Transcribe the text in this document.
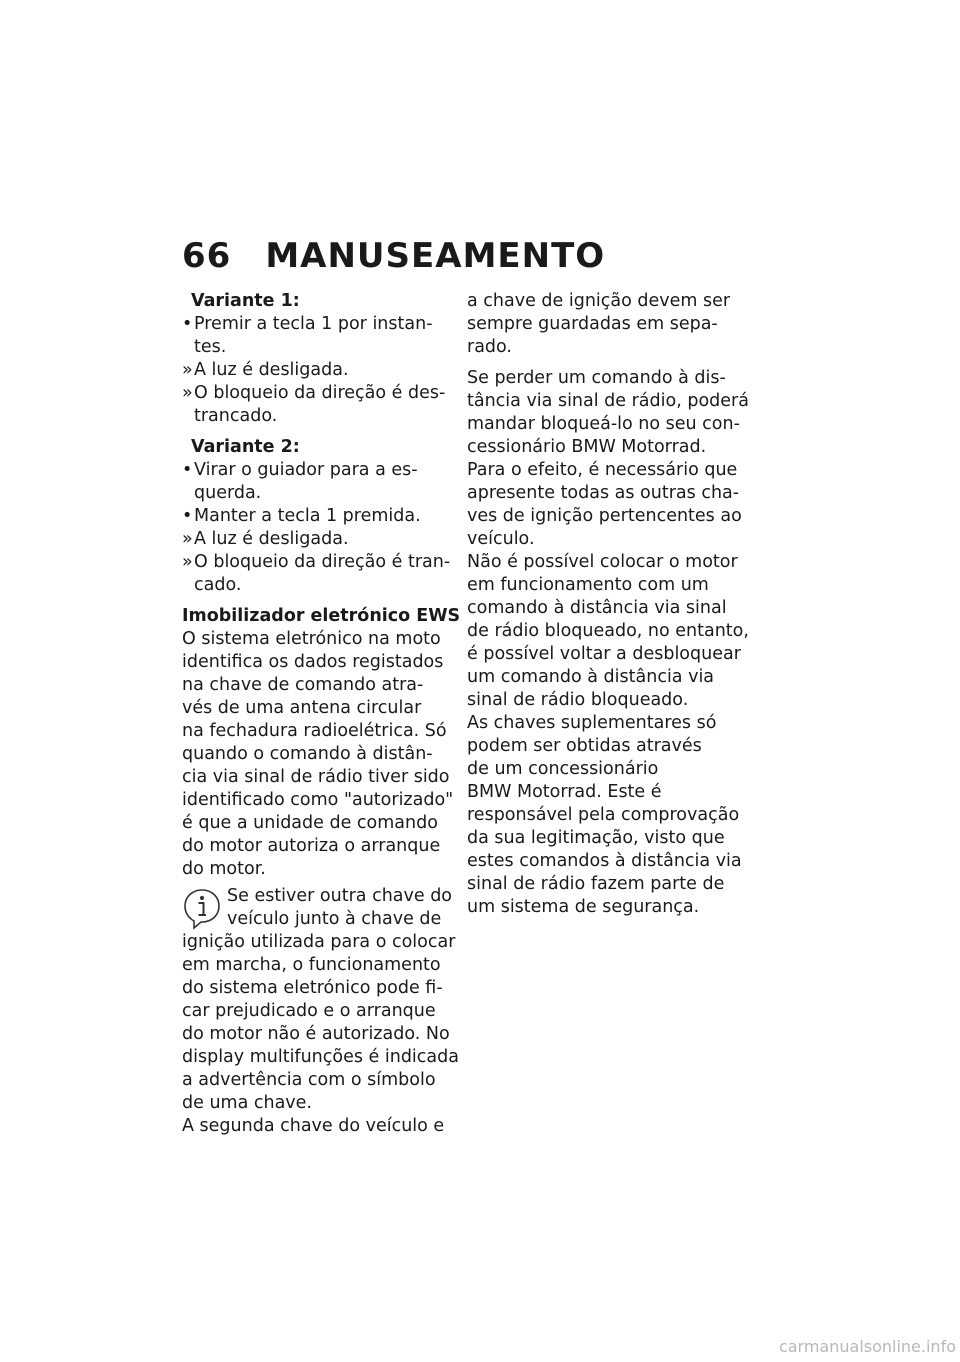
66 MANUSEAMENTO
Variante 1:
•Premir a tecla 1 por instan-
tes.
»A luz é desligada.
»O bloqueio da direção é des-
trancado.
Variante 2:
•Virar o guiador para a es-
querda.
•Manter a tecla 1 premida.
»A luz é desligada.
»O bloqueio da direção é tran-
cado.
Imobilizador eletrónico EWS
O sistema eletrónico na moto
identifica os dados registados
na chave de comando atra-
vés de uma antena circular
na fechadura radioelétrica. Só
quando o comando à distân-
cia via sinal de rádio tiver sido
identificado como "autorizado"
é que a unidade de comando
do motor autoriza o arranque
do motor.
Se estiver outra chave do
veículo junto à chave de
ignição utilizada para o colocar
em marcha, o funcionamento
do sistema eletrónico pode fi-
car prejudicado e o arranque
do motor não é autorizado. No
display multifunções é indicada
a advertência com o símbolo
de uma chave.
A segunda chave do veículo e
a chave de ignição devem ser
sempre guardadas em sepa-
rado.
Se perder um comando à dis-
tância via sinal de rádio, poderá
mandar bloqueá-lo no seu con-
cessionário BMW Motorrad.
Para o efeito, é necessário que
apresente todas as outras cha-
ves de ignição pertencentes ao
veículo.
Não é possível colocar o motor
em funcionamento com um
comando à distância via sinal
de rádio bloqueado, no entanto,
é possível voltar a desbloquear
um comando à distância via
sinal de rádio bloqueado.
As chaves suplementares só
podem ser obtidas através
de um concessionário
BMW Motorrad. Este é
responsável pela comprovação
da sua legitimação, visto que
estes comandos à distância via
sinal de rádio fazem parte de
um sistema de segurança.
carmanualsonline.info
